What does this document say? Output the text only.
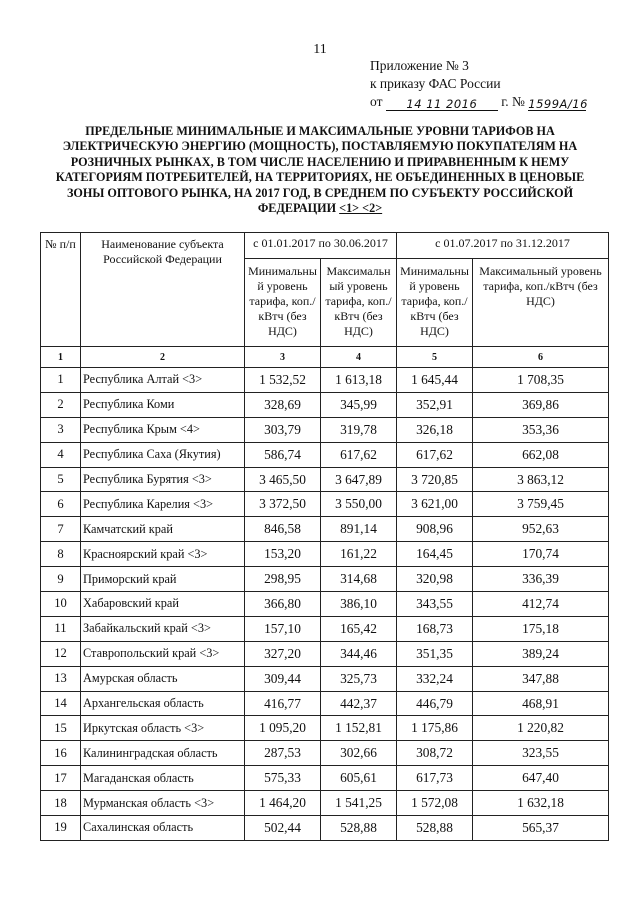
11
Приложение № 3
к приказу ФАС России
от 14 11 2016 г. № 1599А/16
ПРЕДЕЛЬНЫЕ МИНИМАЛЬНЫЕ И МАКСИМАЛЬНЫЕ УРОВНИ ТАРИФОВ НА ЭЛЕКТРИЧЕСКУЮ ЭНЕРГИЮ (МОЩНОСТЬ), ПОСТАВЛЯЕМУЮ ПОКУПАТЕЛЯМ НА РОЗНИЧНЫХ РЫНКАХ, В ТОМ ЧИСЛЕ НАСЕЛЕНИЮ И ПРИРАВНЕННЫМ К НЕМУ КАТЕГОРИЯМ ПОТРЕБИТЕЛЕЙ, НА ТЕРРИТОРИЯХ, НЕ ОБЪЕДИНЕННЫХ В ЦЕНОВЫЕ ЗОНЫ ОПТОВОГО РЫНКА, НА 2017 ГОД, В СРЕДНЕМ ПО СУБЪЕКТУ РОССИЙСКОЙ ФЕДЕРАЦИИ <1> <2>
№ п/п	Наименование субъекта Российской Федерации	с 01.01.2017 по 30.06.2017		с 01.07.2017 по 31.12.2017	
		Минимальны й уровень тарифа, коп./кВтч (без НДС)	Максимальн ый уровень тарифа, коп./кВтч (без НДС)	Минимальны й уровень тарифа, коп./кВтч (без НДС)	Максимальный уровень тарифа, коп./кВтч (без НДС)
1	2	3	4	5	6
1	Республика Алтай <3>	1 532,52	1 613,18	1 645,44	1 708,35
2	Республика Коми	328,69	345,99	352,91	369,86
3	Республика Крым <4>	303,79	319,78	326,18	353,36
4	Республика Саха (Якутия)	586,74	617,62	617,62	662,08
5	Республика Бурятия <3>	3 465,50	3 647,89	3 720,85	3 863,12
6	Республика Карелия <3>	3 372,50	3 550,00	3 621,00	3 759,45
7	Камчатский край	846,58	891,14	908,96	952,63
8	Красноярский край <3>	153,20	161,22	164,45	170,74
9	Приморский край	298,95	314,68	320,98	336,39
10	Хабаровский край	366,80	386,10	343,55	412,74
11	Забайкальский край <3>	157,10	165,42	168,73	175,18
12	Ставропольский край <3>	327,20	344,46	351,35	389,24
13	Амурская область	309,44	325,73	332,24	347,88
14	Архангельская область	416,77	442,37	446,79	468,91
15	Иркутская область <3>	1 095,20	1 152,81	1 175,86	1 220,82
16	Калининградская область	287,53	302,66	308,72	323,55
17	Магаданская область	575,33	605,61	617,73	647,40
18	Мурманская область <3>	1 464,20	1 541,25	1 572,08	1 632,18
19	Сахалинская область	502,44	528,88	528,88	565,37
